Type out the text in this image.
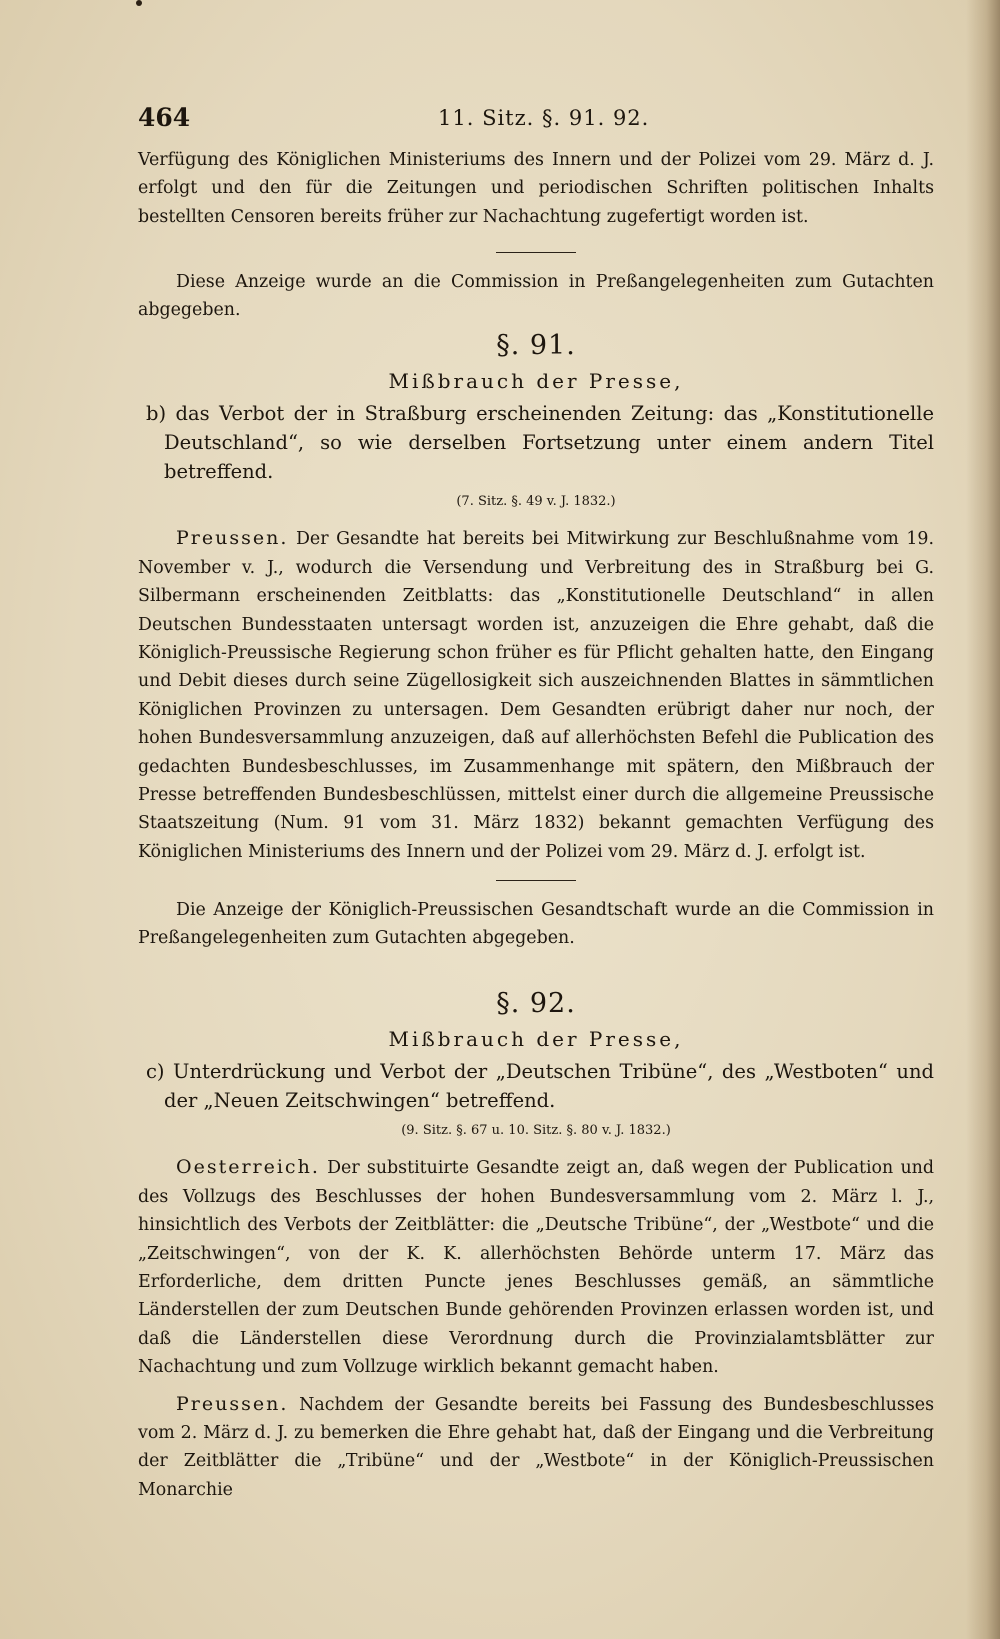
464	11. Sitz. §. 91. 92.

Verfügung des Königlichen Ministeriums des Innern und der Polizei vom 29. März d. J. erfolgt und den für die Zeitungen und periodischen Schriften politischen Inhalts bestellten Censoren bereits früher zur Nachachtung zugefertigt worden ist.

Diese Anzeige wurde an die Commission in Preßangelegenheiten zum Gutachten abgegeben.

§. 91.
Mißbrauch der Presse,

b) das Verbot der in Straßburg erscheinenden Zeitung: das „Konstitutionelle Deutschland“, so wie derselben Fortsetzung unter einem andern Titel betreffend.

(7. Sitz. §. 49 v. J. 1832.)

Preussen. Der Gesandte hat bereits bei Mitwirkung zur Beschlußnahme vom 19. November v. J., wodurch die Versendung und Verbreitung des in Straßburg bei G. Silbermann erscheinenden Zeitblatts: das „Konstitutionelle Deutschland“ in allen Deutschen Bundesstaaten untersagt worden ist, anzuzeigen die Ehre gehabt, daß die Königlich-Preussische Regierung schon früher es für Pflicht gehalten hatte, den Eingang und Debit dieses durch seine Zügellosigkeit sich auszeichnenden Blattes in sämmtlichen Königlichen Provinzen zu untersagen. Dem Gesandten erübrigt daher nur noch, der hohen Bundesversammlung anzuzeigen, daß auf allerhöchsten Befehl die Publication des gedachten Bundesbeschlusses, im Zusammenhange mit spätern, den Mißbrauch der Presse betreffenden Bundesbeschlüssen, mittelst einer durch die allgemeine Preussische Staatszeitung (Num. 91 vom 31. März 1832) bekannt gemachten Verfügung des Königlichen Ministeriums des Innern und der Polizei vom 29. März d. J. erfolgt ist.

Die Anzeige der Königlich-Preussischen Gesandtschaft wurde an die Commission in Preßangelegenheiten zum Gutachten abgegeben.

§. 92.
Mißbrauch der Presse,

c) Unterdrückung und Verbot der „Deutschen Tribüne“, des „Westboten“ und der „Neuen Zeitschwingen“ betreffend.

(9. Sitz. §. 67 u. 10. Sitz. §. 80 v. J. 1832.)

Oesterreich. Der substituirte Gesandte zeigt an, daß wegen der Publication und des Vollzugs des Beschlusses der hohen Bundesversammlung vom 2. März l. J., hinsichtlich des Verbots der Zeitblätter: die „Deutsche Tribüne“, der „Westbote“ und die „Zeitschwingen“, von der K. K. allerhöchsten Behörde unterm 17. März das Erforderliche, dem dritten Puncte jenes Beschlusses gemäß, an sämmtliche Länderstellen der zum Deutschen Bunde gehörenden Provinzen erlassen worden ist, und daß die Länderstellen diese Verordnung durch die Provinzialamtsblätter zur Nachachtung und zum Vollzuge wirklich bekannt gemacht haben.

Preussen. Nachdem der Gesandte bereits bei Fassung des Bundesbeschlusses vom 2. März d. J. zu bemerken die Ehre gehabt hat, daß der Eingang und die Verbreitung der Zeitblätter die „Tribüne“ und der „Westbote“ in der Königlich-Preussischen Monarchie
